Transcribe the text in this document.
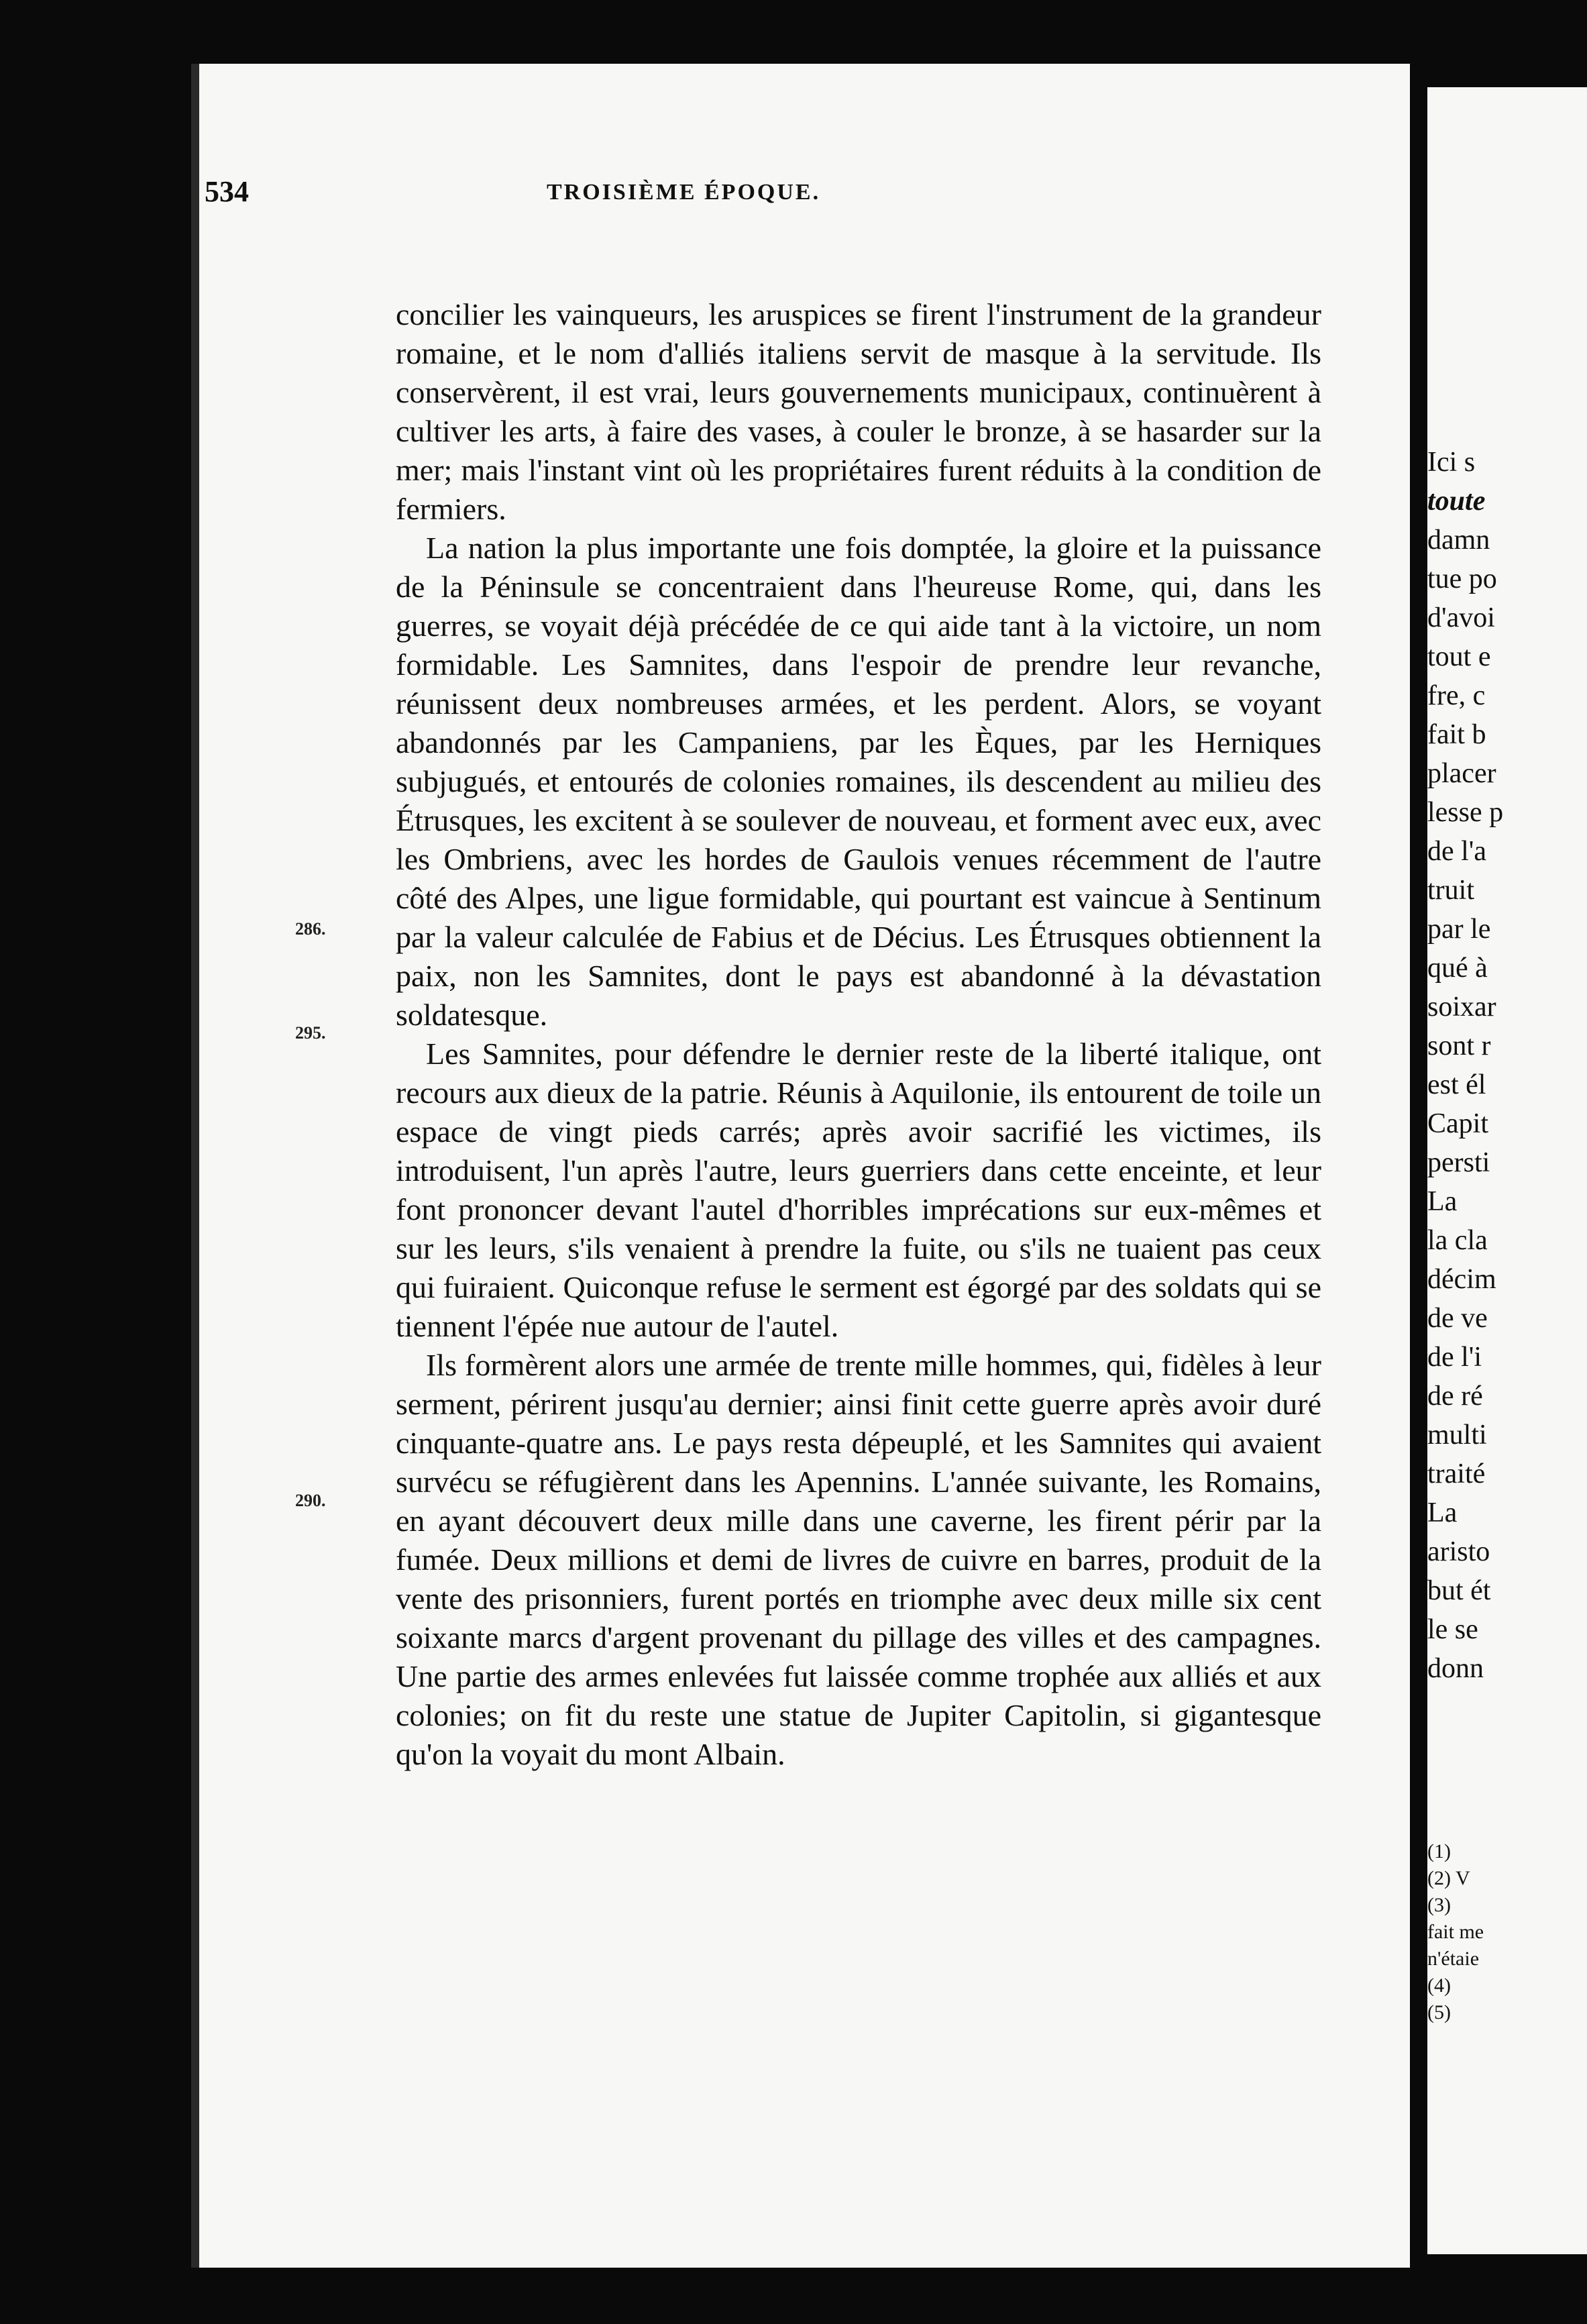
Ici s
toute
damn
tue po
d'avoi
tout e
fre, c
fait b
placer
lesse p
de l'a
truit
par le
qué à
soixar
sont r
est él
Capit
persti
La
la cla
décim
de ve
de l'i
de ré
multi
traité
La
aristo
but ét
le se
donn
(1)
(2) V
(3)
fait me
n'étaie
(4)
(5)
534	TROISIÈME ÉPOQUE.
286.
295.
290.

concilier les vainqueurs, les aruspices se firent l'instrument de la grandeur romaine, et le nom d'alliés italiens servit de masque à la servitude. Ils conservèrent, il est vrai, leurs gouvernements municipaux, continuèrent à cultiver les arts, à faire des vases, à couler le bronze, à se hasarder sur la mer; mais l'instant vint où les propriétaires furent réduits à la condition de fermiers.

La nation la plus importante une fois domptée, la gloire et la puissance de la Péninsule se concentraient dans l'heureuse Rome, qui, dans les guerres, se voyait déjà précédée de ce qui aide tant à la victoire, un nom formidable. Les Samnites, dans l'espoir de prendre leur revanche, réunissent deux nombreuses armées, et les perdent. Alors, se voyant abandonnés par les Campaniens, par les Èques, par les Herniques subjugués, et entourés de colonies romaines, ils descendent au milieu des Étrusques, les excitent à se soulever de nouveau, et forment avec eux, avec les Ombriens, avec les hordes de Gaulois venues récemment de l'autre côté des Alpes, une ligue formidable, qui pourtant est vaincue à Sentinum par la valeur calculée de Fabius et de Décius. Les Étrusques obtiennent la paix, non les Samnites, dont le pays est abandonné à la dévastation soldatesque.

Les Samnites, pour défendre le dernier reste de la liberté italique, ont recours aux dieux de la patrie. Réunis à Aquilonie, ils entourent de toile un espace de vingt pieds carrés; après avoir sacrifié les victimes, ils introduisent, l'un après l'autre, leurs guerriers dans cette enceinte, et leur font prononcer devant l'autel d'horribles imprécations sur eux-mêmes et sur les leurs, s'ils venaient à prendre la fuite, ou s'ils ne tuaient pas ceux qui fuiraient. Quiconque refuse le serment est égorgé par des soldats qui se tiennent l'épée nue autour de l'autel.

Ils formèrent alors une armée de trente mille hommes, qui, fidèles à leur serment, périrent jusqu'au dernier; ainsi finit cette guerre après avoir duré cinquante-quatre ans. Le pays resta dépeuplé, et les Samnites qui avaient survécu se réfugièrent dans les Apennins. L'année suivante, les Romains, en ayant découvert deux mille dans une caverne, les firent périr par la fumée. Deux millions et demi de livres de cuivre en barres, produit de la vente des prisonniers, furent portés en triomphe avec deux mille six cent soixante marcs d'argent provenant du pillage des villes et des campagnes. Une partie des armes enlevées fut laissée comme trophée aux alliés et aux colonies; on fit du reste une statue de Jupiter Capitolin, si gigantesque qu'on la voyait du mont Albain.
